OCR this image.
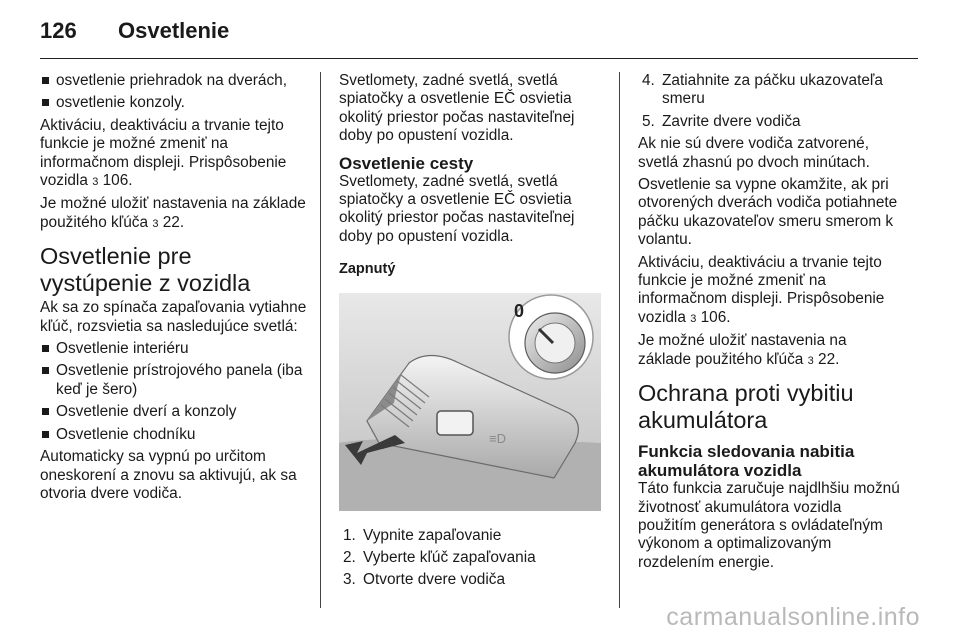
126	Osvetlenie
osvetlenie priehradok na dverách,
osvetlenie konzoly.

Aktiváciu, deaktiváciu a trvanie tejto funkcie je možné zmeniť na informačnom displeji. Prispôsobenie vozidla 3 106.

Je možné uložiť nastavenia na základe použitého kľúča 3 22.

Osvetlenie pre vystúpenie z vozidla

Ak sa zo spínača zapaľovania vytiahne kľúč, rozsvietia sa nasledujúce svetlá:

Osvetlenie interiéru
Osvetlenie prístrojového panela (iba keď je šero)
Osvetlenie dverí a konzoly
Osvetlenie chodníku

Automaticky sa vypnú po určitom oneskorení a znovu sa aktivujú, ak sa otvoria dvere vodiča.

Svetlomety, zadné svetlá, svetlá spiatočky a osvetlenie EČ osvietia okolitý priestor počas nastaviteľnej doby po opustení vozidla.

Osvetlenie cesty

Svetlomety, zadné svetlá, svetlá spiatočky a osvetlenie EČ osvietia okolitý priestor počas nastaviteľnej doby po opustení vozidla.

Zapnutý
≡D
0
1. Vypnite zapaľovanie
2. Vyberte kľúč zapaľovania
3. Otvorte dvere vodiča
4. Zatiahnite za páčku ukazovateľa smeru
5. Zavrite dvere vodiča

Ak nie sú dvere vodiča zatvorené, svetlá zhasnú po dvoch minútach.

Osvetlenie sa vypne okamžite, ak pri otvorených dverách vodiča potiahnete páčku ukazovateľov smeru smerom k volantu.

Aktiváciu, deaktiváciu a trvanie tejto funkcie je možné zmeniť na informačnom displeji. Prispôsobenie vozidla 3 106.

Je možné uložiť nastavenia na základe použitého kľúča 3 22.

Ochrana proti vybitiu akumulátora
Funkcia sledovania nabitia akumulátora vozidla

Táto funkcia zaručuje najdlhšiu možnú životnosť akumulátora vozidla použitím generátora s ovládateľným výkonom a optimalizovaným rozdelením energie.

carmanualsonline.info
